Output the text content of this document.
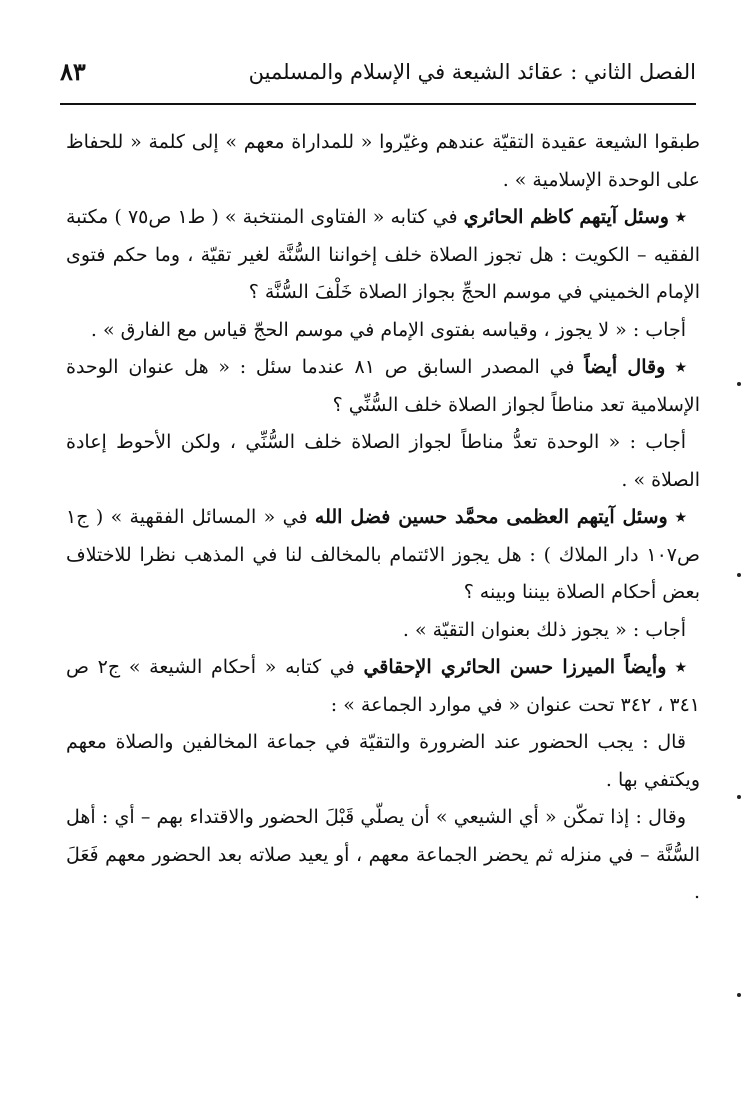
الفصل الثاني : عقائد الشيعة في الإسلام والمسلمين
٨٣

طبقوا الشيعة عقيدة التقيّة عندهم وغيّروا « للمداراة معهم » إلى كلمة « للحفاظ على الوحدة الإسلامية » .

٭ وسئل آيتهم كاظم الحائري في كتابه « الفتاوى المنتخبة » ( ط١ ص٧٥ ) مكتبة الفقيه – الكويت : هل تجوز الصلاة خلف إخواننا السُّنَّة لغير تقيّة ، وما حكم فتوى الإمام الخميني في موسم الحجِّ بجواز الصلاة خَلْفَ السُّنَّة ؟

أجاب : « لا يجوز ، وقياسه بفتوى الإمام في موسم الحجّ قياس مع الفارق » .

٭ وقال أيضاً في المصدر السابق ص ٨١ عندما سئل : « هل عنوان الوحدة الإسلامية تعد مناطاً لجواز الصلاة خلف السُّنِّي ؟

أجاب : « الوحدة تعدُّ مناطاً لجواز الصلاة خلف السُّنِّي ، ولكن الأحوط إعادة الصلاة » .

٭ وسئل آيتهم العظمى محمَّد حسين فضل الله في « المسائل الفقهية » ( ج١ ص١٠٧ دار الملاك ) : هل يجوز الائتمام بالمخالف لنا في المذهب نظرا للاختلاف بعض أحكام الصلاة بيننا وبينه ؟

أجاب : « يجوز ذلك بعنوان التقيّة » .

٭ وأيضاً الميرزا حسن الحائري الإحقاقي في كتابه « أحكام الشيعة » ج٢ ص ٣٤١ ، ٣٤٢ تحت عنوان « في موارد الجماعة » :

قال : يجب الحضور عند الضرورة والتقيّة في جماعة المخالفين والصلاة معهم ويكتفي بها .

وقال : إذا تمكّن « أي الشيعي » أن يصلّي قَبْلَ الحضور والاقتداء بهم – أي : أهل السُّنَّة – في منزله ثم يحضر الجماعة معهم ، أو يعيد صلاته بعد الحضور معهم فَعَلَ .
